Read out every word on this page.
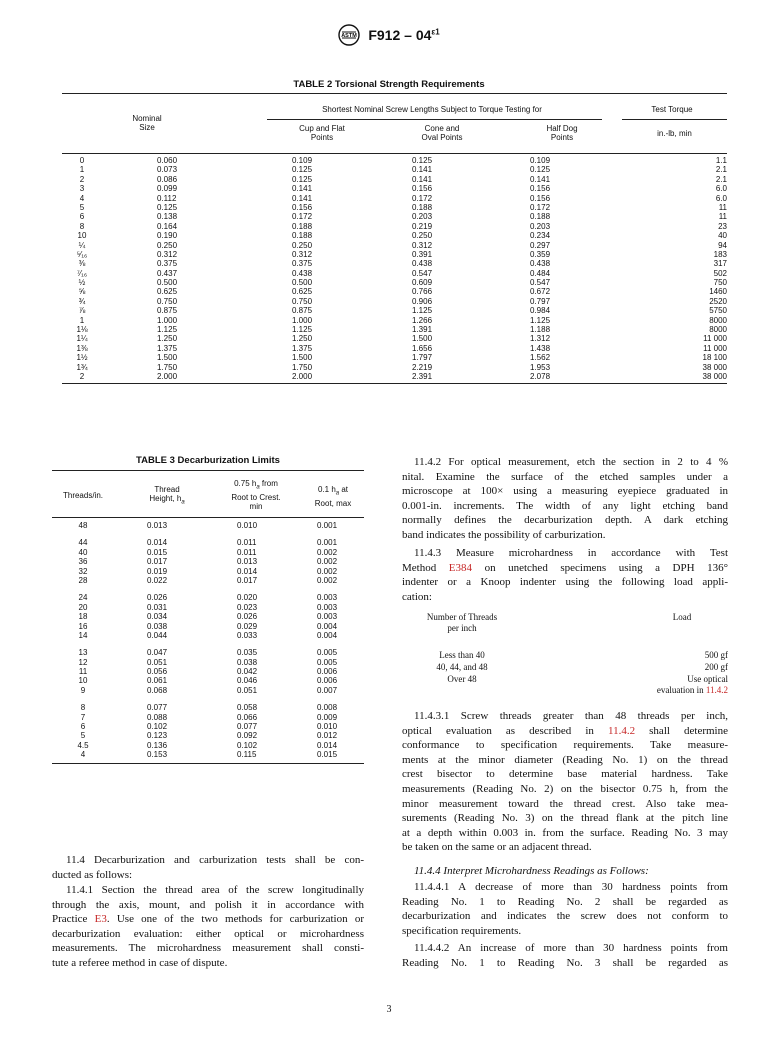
ASTM $F912 - 04^{\varepsilon 1}$
TABLE 2 Torsional Strength Requirements
Nominal
Size
Shortest Nominal Screw Lengths Subject to Torque Testing for	Test Torque
Cup and Flat
Points
Cone and
Oval Points
Half Dog
Points	in.-lb, min
0	0.060	0.109	0.125	0.109	1.1
1	0.073	0.125	0.141	0.125	2.1
2	0.086	0.125	0.141	0.141	2.1
3	0.099	0.141	0.156	0.156	6.0
4	0.112	0.141	0.172	0.156	6.0
5	0.125	0.156	0.188	0.172	11
6	0.138	0.172	0.203	0.188	11
8	0.164	0.188	0.219	0.203	23
10	0.190	0.188	0.250	0.234	40
¼	0.250	0.250	0.312	0.297	94
⁵⁄₁₆	0.312	0.312	0.391	0.359	183
⅜	0.375	0.375	0.438	0.438	317
⁷⁄₁₆	0.437	0.438	0.547	0.484	502
½	0.500	0.500	0.609	0.547	750
⅝	0.625	0.625	0.766	0.672	1460
¾	0.750	0.750	0.906	0.797	2520
⅞	0.875	0.875	1.125	0.984	5750
1	1.000	1.000	1.266	1.125	8000
1⅛	1.125	1.125	1.391	1.188	8000
1¼	1.250	1.250	1.500	1.312	11 000
1⅜	1.375	1.375	1.656	1.438	11 000
1½	1.500	1.500	1.797	1.562	18 100
1¾	1.750	1.750	2.219	1.953	38 000
2	2.000	2.000	2.391	2.078	38 000
TABLE 3 Decarburization Limits
Threads/in.
Thread
Height, $h_a$
0.75 $h_a$ from
Root to Crest.
min
0.1 $h_a$ at
Root, max
48	0.013	0.010	0.001
44	0.014	0.011	0.001
40	0.015	0.011	0.002
36	0.017	0.013	0.002
32	0.019	0.014	0.002
28	0.022	0.017	0.002
24	0.026	0.020	0.003
20	0.031	0.023	0.003
18	0.034	0.026	0.003
16	0.038	0.029	0.004
14	0.044	0.033	0.004
13	0.047	0.035	0.005
12	0.051	0.038	0.005
11	0.056	0.042	0.006
10	0.061	0.046	0.006
9	0.068	0.051	0.007
8	0.077	0.058	0.008
7	0.088	0.066	0.009
6	0.102	0.077	0.010
5	0.123	0.092	0.012
4.5	0.136	0.102	0.014
4	0.153	0.115	0.015
11.4 Decarburization and carburization tests shall be con-
ducted as follows:
11.4.1 Section the thread area of the screw longitudinally
through the axis, mount, and polish it in accordance with
Practice E3. Use one of the two methods for carburization or
decarburization evaluation: either optical or microhardness
measurements. The microhardness measurement shall consti-
tute a referee method in case of dispute.
11.4.2 For optical measurement, etch the section in 2 to 4 %
nital. Examine the surface of the etched samples under a
microscope at 100× using a measuring eyepiece graduated in
0.001-in. increments. The width of any light etching band
normally defines the decarburization depth. A dark etching
band indicates the possibility of carburization.
11.4.3 Measure microhardness in accordance with Test
Method E384 on unetched specimens using a DPH 136°
indenter or a Knoop indenter using the following load appli-
cation:
Number of Threads
per inch
Load
Less than 40	500 gf
40, 44, and 48	200 gf
Over 48	Use optical
evaluation in 11.4.2
11.4.3.1 Screw threads greater than 48 threads per inch,
optical evaluation as described in 11.4.2 shall determine
conformance to specification requirements. Take measure-
ments at the minor diameter (Reading No. 1) on the thread
crest bisector to determine base material hardness. Take
measurements (Reading No. 2) on the bisector 0.75 h, from the
minor measurement toward the thread crest. Also take mea-
surements (Reading No. 3) on the thread flank at the pitch line
at a depth within 0.003 in. from the surface. Reading No. 3 may
be taken on the same or an adjacent thread.
11.4.4 Interpret Microhardness Readings as Follows:
11.4.4.1 A decrease of more than 30 hardness points from
Reading No. 1 to Reading No. 2 shall be regarded as
decarburization and indicates the screw does not conform to
specification requirements.
11.4.4.2 An increase of more than 30 hardness points from
Reading No. 1 to Reading No. 3 shall be regarded as
3
